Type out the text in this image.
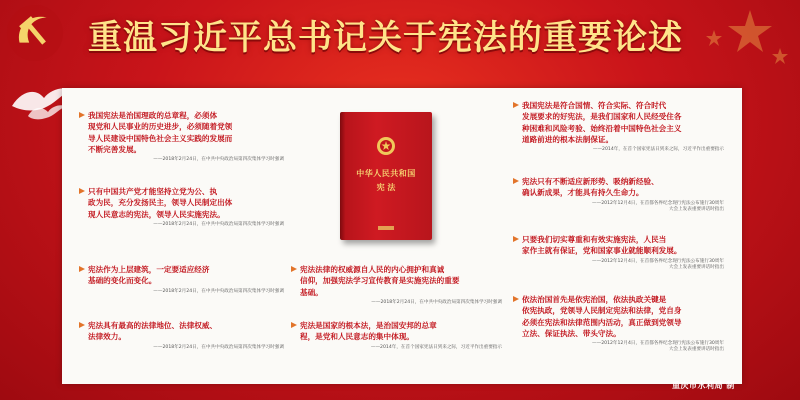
重温习近平总书记关于宪法的重要论述

我国宪法是治国理政的总章程，必须体
现党和人民事业的历史进步，必须随着党领
导人民建设中国特色社会主义实践的发展而
不断完善发展。

——2018年2月24日，在中共中央政治局第四次集体学习时强调

只有中国共产党才能坚持立党为公、执
政为民，充分发扬民主，领导人民制定出体
现人民意志的宪法，领导人民实施宪法。

——2018年2月24日，在中共中央政治局第四次集体学习时强调

宪法作为上层建筑，一定要适应经济
基础的变化而变化。

——2018年2月24日，在中共中央政治局第四次集体学习时强调

宪法具有最高的法律地位、法律权威、
法律效力。

——2018年2月24日，在中共中央政治局第四次集体学习时强调

中华人民共和国
宪 法

宪法法律的权威源自人民的内心拥护和真诚
信仰，加强宪法学习宣传教育是实施宪法的重要
基础。

——2018年2月24日，在中共中央政治局第四次集体学习时强调

宪法是国家的根本法，是治国安邦的总章
程，是党和人民意志的集中体现。

——2014年，在首个国家宪法日到来之际，习近平作出重要指示

我国宪法是符合国情、符合实际、符合时代
发展要求的好宪法，是我们国家和人民经受住各
种困难和风险考验、始终沿着中国特色社会主义
道路前进的根本法制保证。

——2014年，在首个国家宪法日到来之际，习近平作出重要指示

宪法只有不断适应新形势、吸纳新经验、
确认新成果，才能具有持久生命力。

——2012年12月4日，在首都各界纪念现行宪法公布施行30周年
大会上发表重要讲话时指出

只要我们切实尊重和有效实施宪法，人民当
家作主就有保证，党和国家事业就能顺利发展。

——2012年12月4日，在首都各界纪念现行宪法公布施行30周年
大会上发表重要讲话时指出

依法治国首先是依宪治国，依法执政关键是
依宪执政，党领导人民制定宪法和法律，党自身
必须在宪法和法律范围内活动，真正做到党领导
立法、保证执法、带头守法。

——2012年12月4日，在首都各界纪念现行宪法公布施行30周年
大会上发表重要讲话时指出

重庆市水利局 制
